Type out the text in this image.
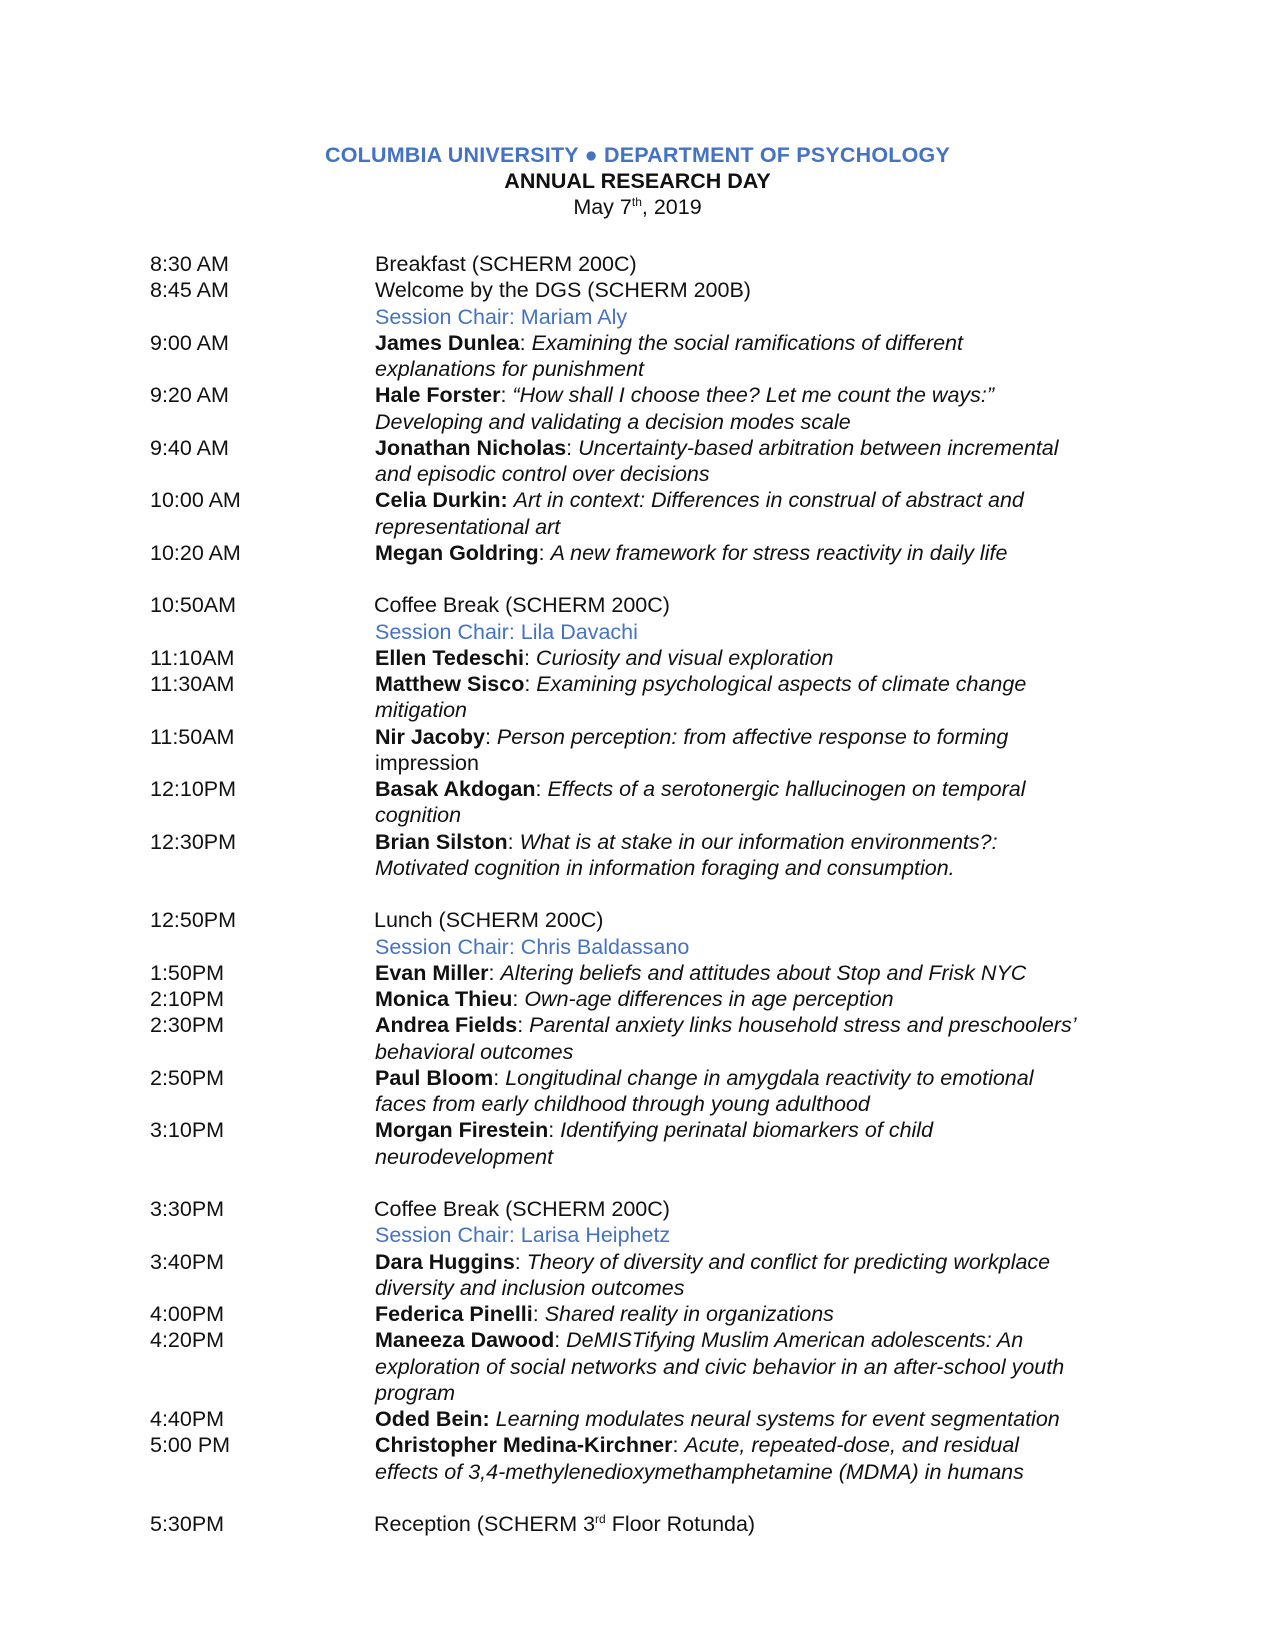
COLUMBIA UNIVERSITY ● DEPARTMENT OF PSYCHOLOGY
ANNUAL RESEARCH DAY
May 7th, 2019
8:30 AM	Breakfast (SCHERM 200C)
8:45 AM	Welcome by the DGS (SCHERM 200B)
Session Chair: Mariam Aly
9:00 AM	James Dunlea: Examining the social ramifications of different
explanations for punishment
9:20 AM	Hale Forster: “How shall I choose thee? Let me count the ways:”
Developing and validating a decision modes scale
9:40 AM	Jonathan Nicholas: Uncertainty-based arbitration between incremental
and episodic control over decisions
10:00 AM	Celia Durkin: Art in context: Differences in construal of abstract and
representational art
10:20 AM	Megan Goldring: A new framework for stress reactivity in daily life
10:50AM	Coffee Break (SCHERM 200C)
Session Chair: Lila Davachi
11:10AM	Ellen Tedeschi: Curiosity and visual exploration
11:30AM	Matthew Sisco: Examining psychological aspects of climate change
mitigation
11:50AM	Nir Jacoby: Person perception: from affective response to forming
impression
12:10PM	Basak Akdogan: Effects of a serotonergic hallucinogen on temporal
cognition
12:30PM	Brian Silston: What is at stake in our information environments?:
Motivated cognition in information foraging and consumption.
12:50PM	Lunch (SCHERM 200C)
Session Chair: Chris Baldassano
1:50PM	Evan Miller: Altering beliefs and attitudes about Stop and Frisk NYC
2:10PM	Monica Thieu: Own-age differences in age perception
2:30PM	Andrea Fields: Parental anxiety links household stress and preschoolers’
behavioral outcomes
2:50PM	Paul Bloom: Longitudinal change in amygdala reactivity to emotional
faces from early childhood through young adulthood
3:10PM	Morgan Firestein: Identifying perinatal biomarkers of child
neurodevelopment
3:30PM	Coffee Break (SCHERM 200C)
Session Chair: Larisa Heiphetz
3:40PM	Dara Huggins: Theory of diversity and conflict for predicting workplace
diversity and inclusion outcomes
4:00PM	Federica Pinelli: Shared reality in organizations
4:20PM	Maneeza Dawood: DeMISTifying Muslim American adolescents: An
exploration of social networks and civic behavior in an after-school youth
program
4:40PM	Oded Bein: Learning modulates neural systems for event segmentation
5:00 PM	Christopher Medina-Kirchner: Acute, repeated-dose, and residual
effects of 3,4-methylenedioxymethamphetamine (MDMA) in humans
5:30PM	Reception (SCHERM 3rd Floor Rotunda)
